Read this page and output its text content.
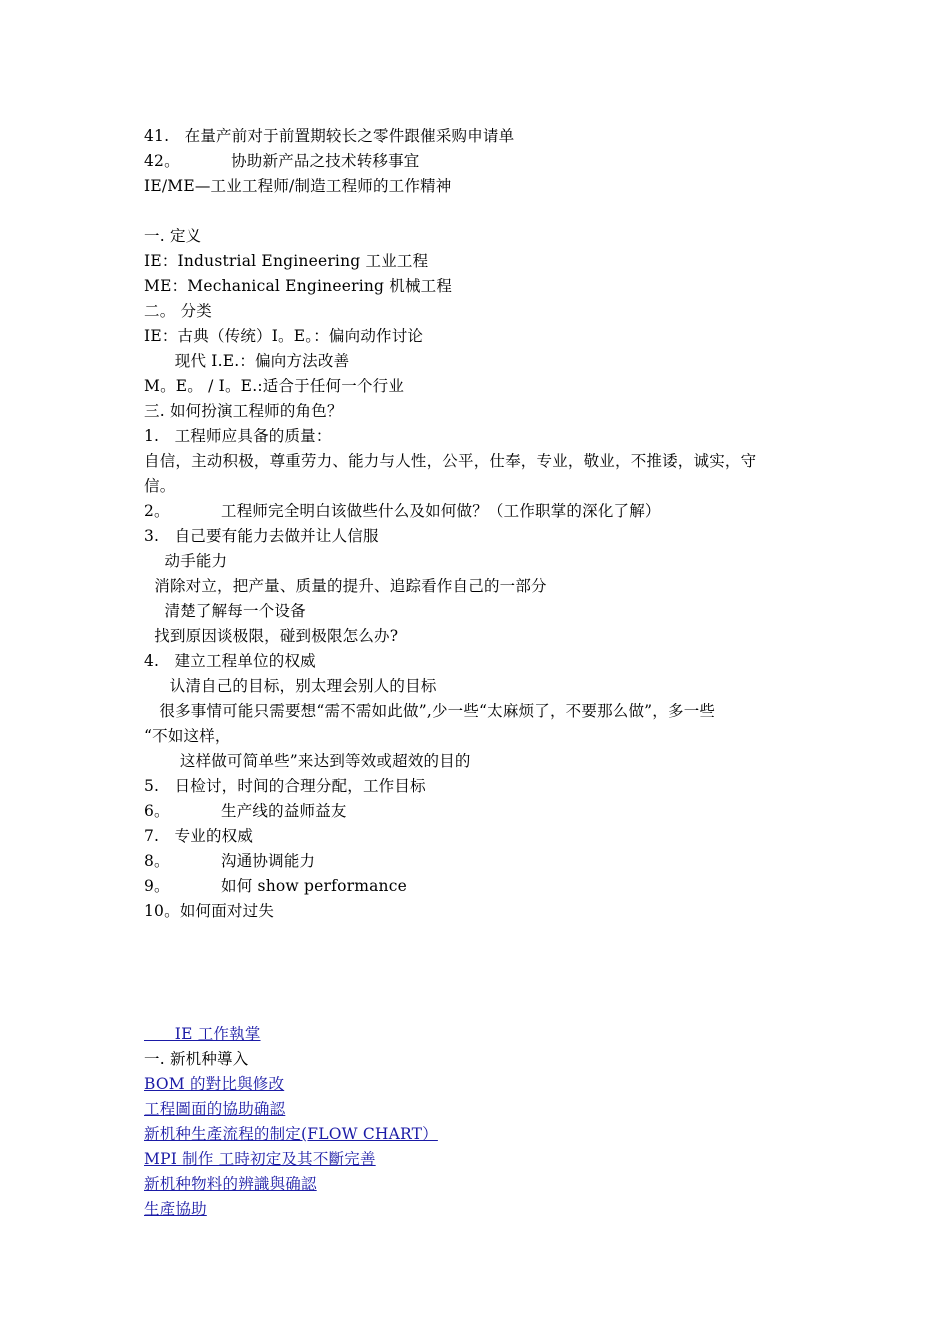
41.   在量产前对于前置期较长之零件跟催采购申请单
42。          协助新产品之技术转移事宜
IE/ME—工业工程师/制造工程师的工作精神
一. 定义
IE：Industrial Engineering 工业工程
ME：Mechanical Engineering 机械工程
二。 分类
IE：古典（传统）I。E。：偏向动作讨论
现代 I.E.：偏向方法改善
M。E。 / I。E.:适合于任何一个行业
三. 如何扮演工程师的角色？
1.   工程师应具备的质量：
自信，主动积极，尊重劳力、能力与人性，公平，仕奉，专业，敬业，不推诿，诚实，守
信。
2。          工程师完全明白该做些什么及如何做？（工作职掌的深化了解）
3.   自己要有能力去做并让人信服
动手能力
消除对立，把产量、质量的提升、追踪看作自己的一部分
清楚了解每一个设备
找到原因谈极限，碰到极限怎么办?
4.   建立工程单位的权威
认清自己的目标，别太理会别人的目标
很多事情可能只需要想“需不需如此做”,少一些“太麻烦了，不要那么做”，多一些
“不如这样，
这样做可简单些”来达到等效或超效的目的
5.   日检讨，时间的合理分配，工作目标
6。          生产线的益师益友
7.   专业的权威
8。          沟通协调能力
9。          如何 show performance
10。如何面对过失
IE 工作執掌
一. 新机种導入
BOM 的對比與修改
工程圖面的協助确認
新机种生產流程的制定(FLOW CHART）
MPI 制作 工時初定及其不斷完善
新机种物料的辨識與确認
生產協助
